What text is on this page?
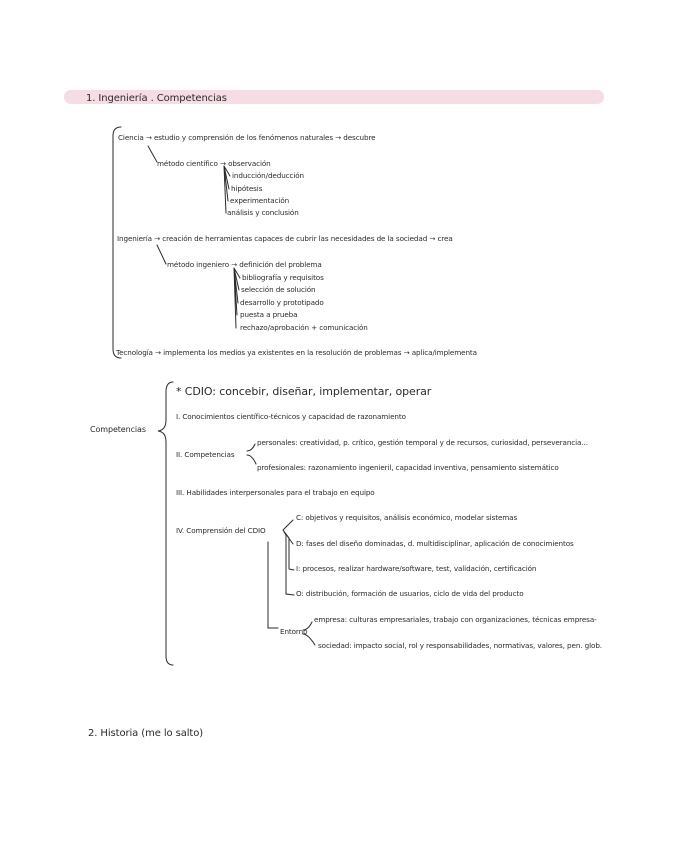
1. Ingeniería . Competencias
Ciencia → estudio y comprensión de los fenómenos naturales → descubre
método científico → observación
inducción/deducción
hipótesis
experimentación
análisis y conclusión
Ingeniería → creación de herramientas capaces de cubrir las necesidades de la sociedad → crea
método ingeniero → definición del problema
bibliografía y requisitos
selección de solución
desarrollo y prototipado
puesta a prueba
rechazo/aprobación + comunicación
Tecnología → implementa los medios ya existentes en la resolución de problemas → aplica/implementa
Competencias
* CDIO: concebir, diseñar, implementar, operar
I. Conocimientos científico-técnicos y capacidad de razonamiento
II. Competencias
personales: creatividad, p. crítico, gestión temporal y de recursos, curiosidad, perseverancia...
profesionales: razonamiento ingenieril, capacidad inventiva, pensamiento sistemático
III. Habilidades interpersonales para el trabajo en equipo
IV. Comprensión del CDIO
C: objetivos y requisitos, análisis económico, modelar sistemas
D: fases del diseño dominadas, d. multidisciplinar, aplicación de conocimientos
I: procesos, realizar hardware/software, test, validación, certificación
O: distribución, formación de usuarios, ciclo de vida del producto
Entorno
empresa: culturas empresariales, trabajo con organizaciones, técnicas empresa-
sociedad: impacto social, rol y responsabilidades, normativas, valores, pen. glob.
2. Historia (me lo salto)
